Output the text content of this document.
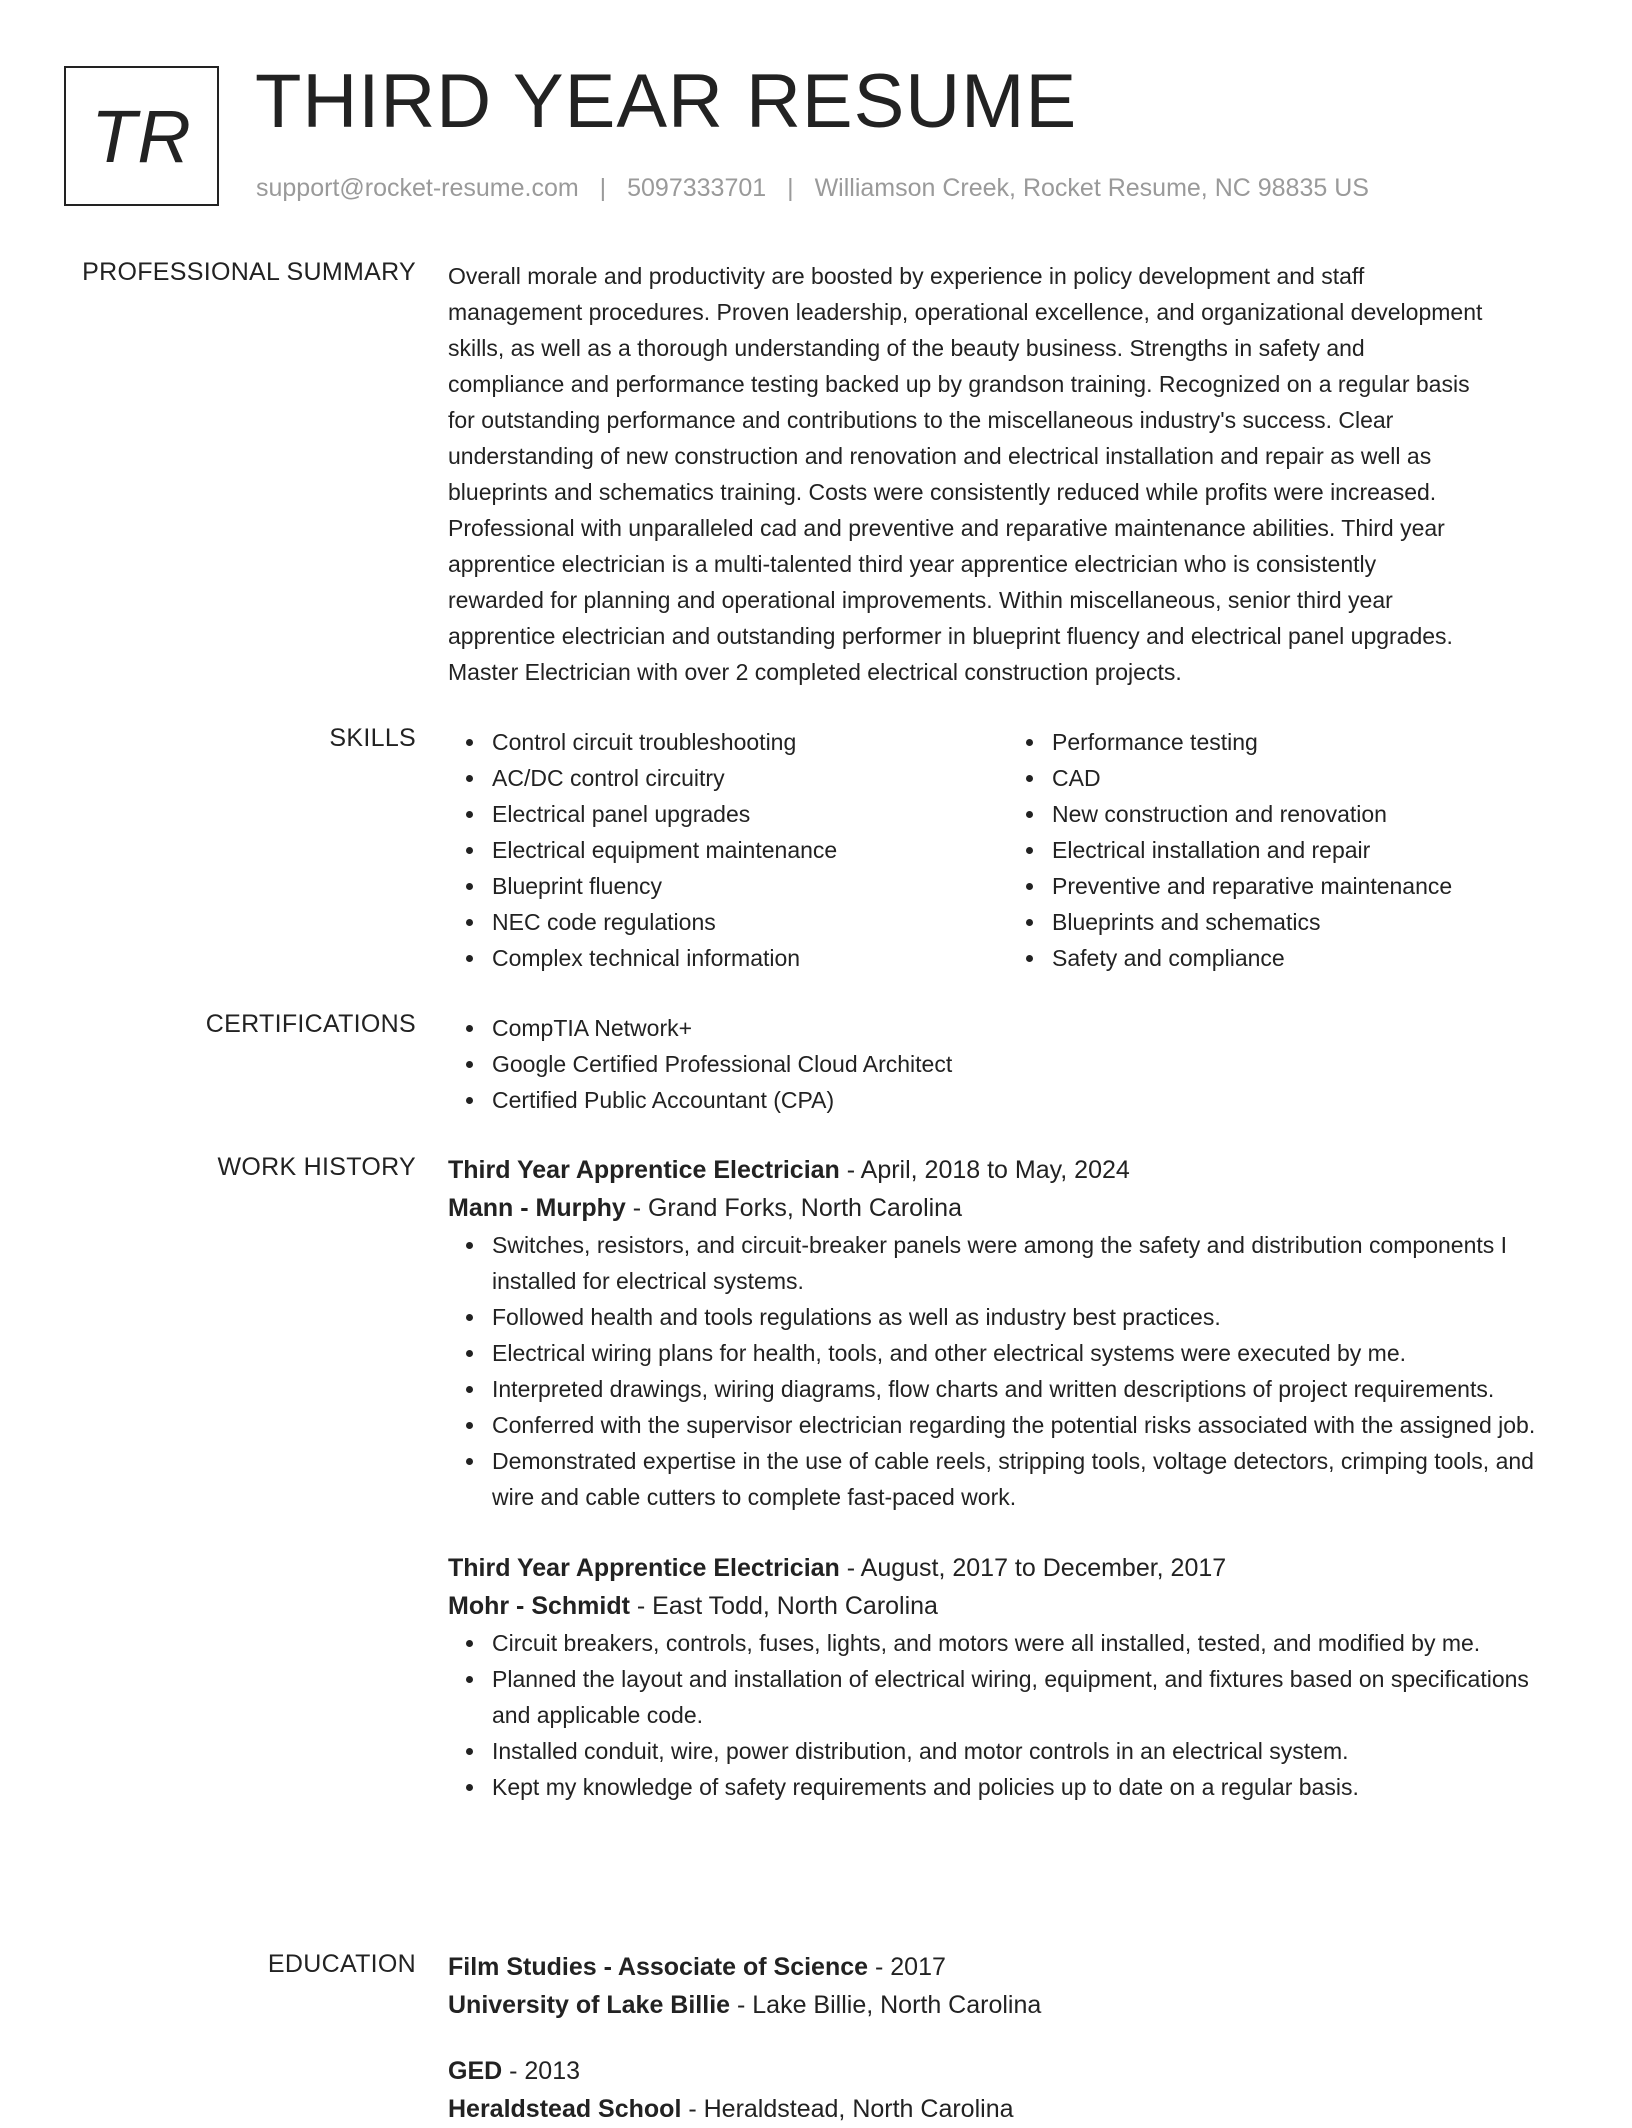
TR THIRD YEAR RESUME
support@rocket-resume.com | 5097333701 | Williamson Creek, Rocket Resume, NC 98835 US
PROFESSIONAL SUMMARY Overall morale and productivity are boosted by experience in policy development and staff
management procedures. Proven leadership, operational excellence, and organizational development
skills, as well as a thorough understanding of the beauty business. Strengths in safety and
compliance and performance testing backed up by grandson training. Recognized on a regular basis
for outstanding performance and contributions to the miscellaneous industry's success. Clear
understanding of new construction and renovation and electrical installation and repair as well as
blueprints and schematics training. Costs were consistently reduced while profits were increased.
Professional with unparalleled cad and preventive and reparative maintenance abilities. Third year
apprentice electrician is a multi-talented third year apprentice electrician who is consistently
rewarded for planning and operational improvements. Within miscellaneous, senior third year
apprentice electrician and outstanding performer in blueprint fluency and electrical panel upgrades.
Master Electrician with over 2 completed electrical construction projects.
SKILLS	Control circuit troubleshooting
AC/DC control circuitry
Electrical panel upgrades
Electrical equipment maintenance
Blueprint fluency
NEC code regulations
Complex technical information
Performance testing
CAD
New construction and renovation
Electrical installation and repair
Preventive and reparative maintenance
Blueprints and schematics
Safety and compliance
CERTIFICATIONS	CompTIA Network+
Google Certified Professional Cloud Architect
Certified Public Accountant (CPA)
WORK HISTORY Third Year Apprentice Electrician - April, 2018 to May, 2024
Mann - Murphy - Grand Forks, North Carolina
Switches, resistors, and circuit-breaker panels were among the safety and distribution components I installed for electrical systems.
Followed health and tools regulations as well as industry best practices.
Electrical wiring plans for health, tools, and other electrical systems were executed by me.
Interpreted drawings, wiring diagrams, flow charts and written descriptions of project requirements.
Conferred with the supervisor electrician regarding the potential risks associated with the assigned job.
Demonstrated expertise in the use of cable reels, stripping tools, voltage detectors, crimping tools, and wire and cable cutters to complete fast-paced work.
Third Year Apprentice Electrician - August, 2017 to December, 2017
Mohr - Schmidt - East Todd, North Carolina
Circuit breakers, controls, fuses, lights, and motors were all installed, tested, and modified by me.
Planned the layout and installation of electrical wiring, equipment, and fixtures based on specifications and applicable code.
Installed conduit, wire, power distribution, and motor controls in an electrical system.
Kept my knowledge of safety requirements and policies up to date on a regular basis.
EDUCATION Film Studies - Associate of Science - 2017
University of Lake Billie - Lake Billie, North Carolina
GED - 2013
Heraldstead School - Heraldstead, North Carolina
